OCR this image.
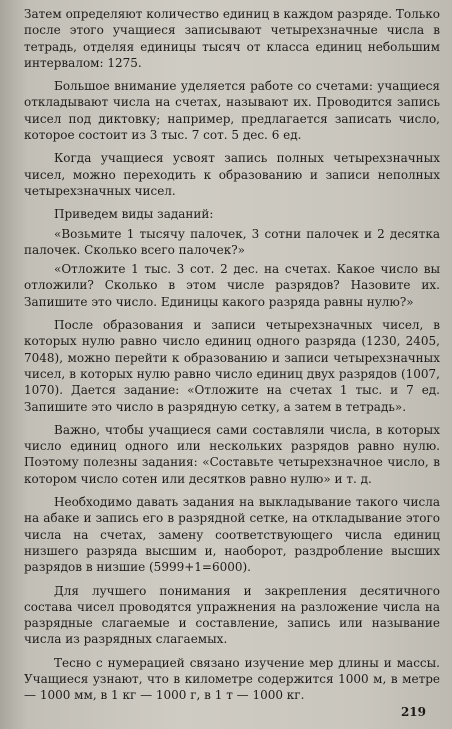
Затем определяют количество единиц в каждом разряде. Только после этого учащиеся записывают четырехзначные числа в тетрадь, отделяя единицы тысяч от класса единиц небольшим интервалом: 1275.

Большое внимание уделяется работе со счетами: учащиеся откладывают числа на счетах, называют их. Проводится запись чисел под диктовку; например, предлагается записать число, которое состоит из 3 тыс. 7 сот. 5 дес. 6 ед.

Когда учащиеся усвоят запись полных четырехзначных чисел, можно переходить к образованию и записи неполных четырехзначных чисел.

Приведем виды заданий:

«Возьмите 1 тысячу палочек, 3 сотни палочек и 2 десятка палочек. Сколько всего палочек?»

«Отложите 1 тыс. 3 сот. 2 дес. на счетах. Какое число вы отложили? Сколько в этом числе разрядов? Назовите их. Запишите это число. Единицы какого разряда равны нулю?»

После образования и записи четырехзначных чисел, в которых нулю равно число единиц одного разряда (1230, 2405, 7048), можно перейти к образованию и записи четырехзначных чисел, в которых нулю равно число единиц двух разрядов (1007, 1070). Дается задание: «Отложите на счетах 1 тыс. и 7 ед. Запишите это число в разрядную сетку, а затем в тетрадь».

Важно, чтобы учащиеся сами составляли числа, в которых число единиц одного или нескольких разрядов равно нулю. Поэтому полезны задания: «Составьте четырехзначное число, в котором число сотен или десятков равно нулю» и т. д.

Необходимо давать задания на выкладывание такого числа на абаке и запись его в разрядной сетке, на откладывание этого числа на счетах, замену соответствующего числа единиц низшего разряда высшим и, наоборот, раздробление высших разрядов в низшие (5999+1=6000).

Для лучшего понимания и закрепления десятичного состава чисел проводятся упражнения на разложение числа на разрядные слагаемые и составление, запись или называние числа из разрядных слагаемых.

Тесно с нумерацией связано изучение мер длины и массы. Учащиеся узнают, что в километре содержится 1000 м, в метре — 1000 мм, в 1 кг — 1000 г, в 1 т — 1000 кг.

219
